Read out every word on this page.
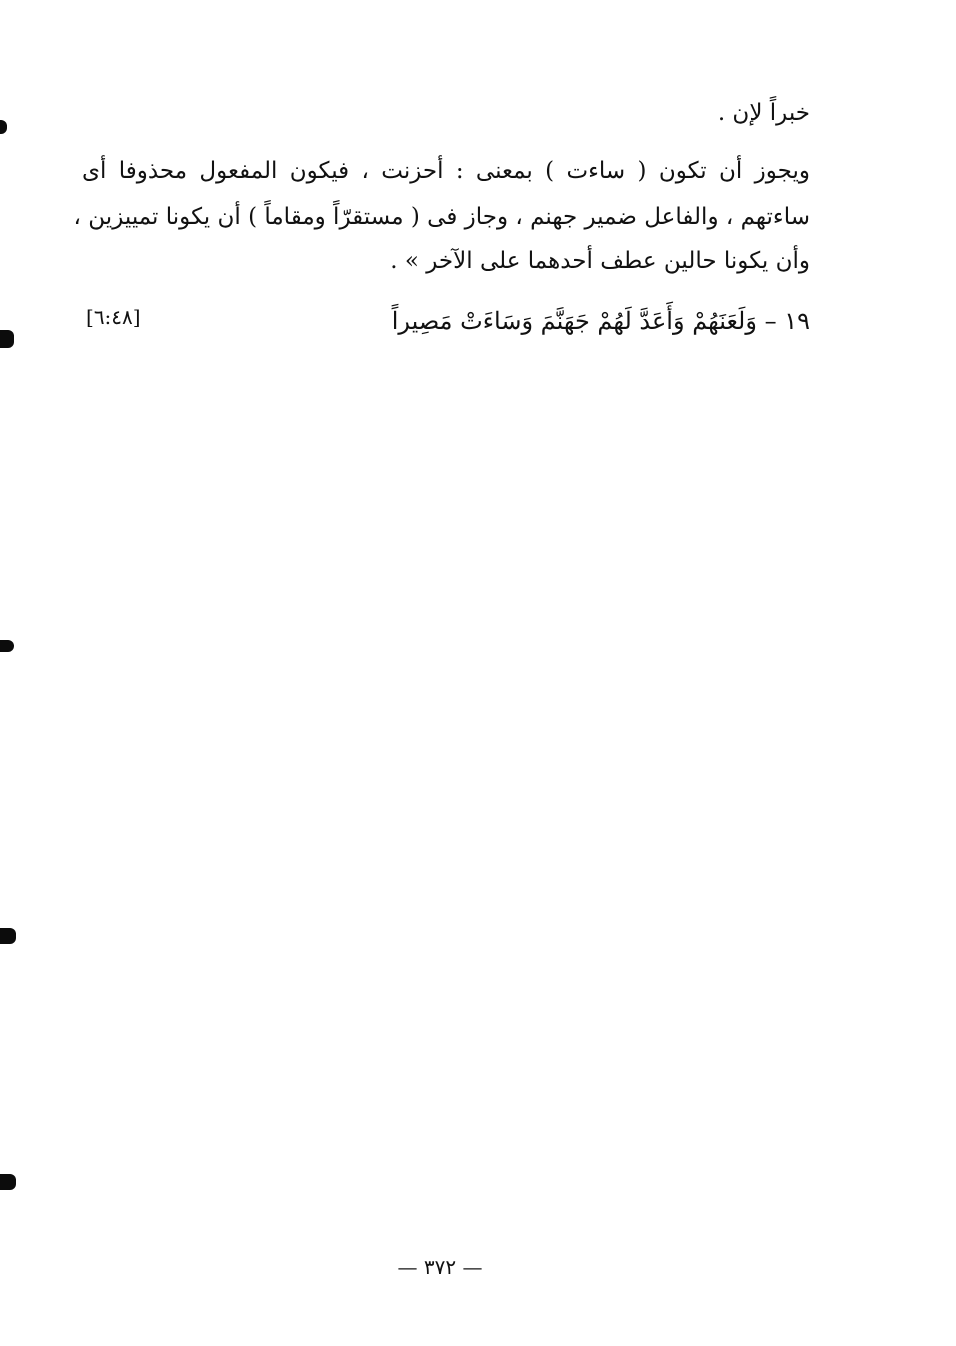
خبراً لإن .
ويجوز أن تكون ( ساءت ) بمعنى : أحزنت ، فيكون المفعول محذوفا أى
ساءتهم ، والفاعل ضمير جهنم ، وجاز فى ( مستقرّاً ومقاماً ) أن يكونا تمييزين ،
وأن يكونا حالين عطف أحدهما على الآخر » .
١٩ – وَلَعَنَهُمْ وَأَعَدَّ لَهُمْ جَهَنَّمَ وَسَاءَتْ مَصِيراً
[٦:٤٨]
— ٣٧٢ —
